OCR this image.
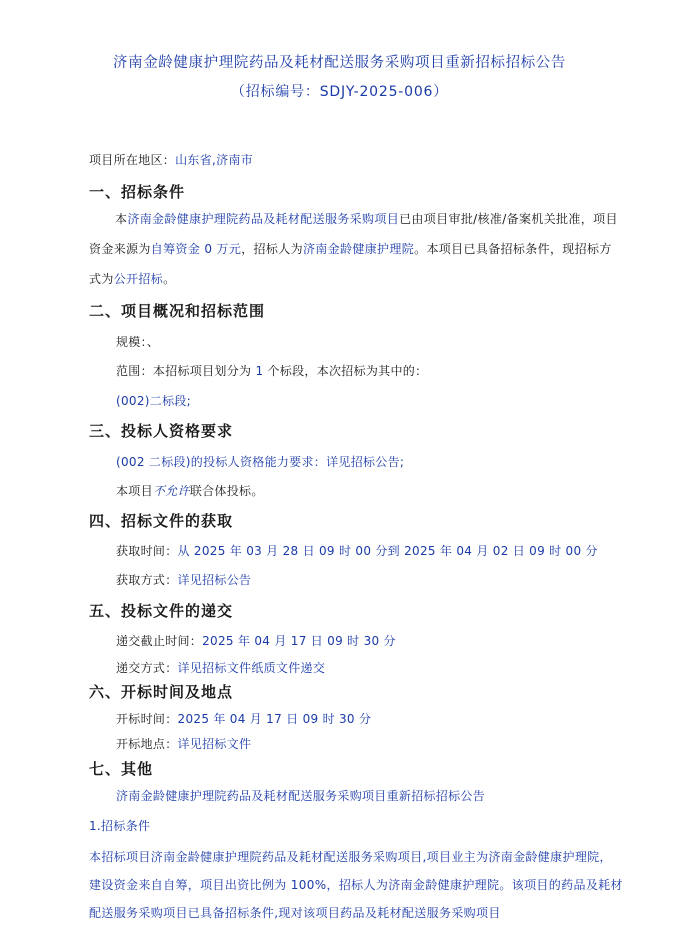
济南金龄健康护理院药品及耗材配送服务采购项目重新招标招标公告
（招标编号：SDJY-2025-006）
项目所在地区：山东省,济南市
一、招标条件
本济南金龄健康护理院药品及耗材配送服务采购项目已由项目审批/核准/备案机关批准，项目资金来源为自筹资金 0 万元，招标人为济南金龄健康护理院。本项目已具备招标条件，现招标方式为公开招标。
二、项目概况和招标范围
规模：、
范围：本招标项目划分为 1 个标段，本次招标为其中的：
(002)二标段;
三、投标人资格要求
(002 二标段)的投标人资格能力要求：详见招标公告;
本项目不允许联合体投标。
四、招标文件的获取
获取时间：从 2025 年 03 月 28 日 09 时 00 分到 2025 年 04 月 02 日 09 时 00 分
获取方式：详见招标公告
五、投标文件的递交
递交截止时间：2025 年 04 月 17 日 09 时 30 分
递交方式：详见招标文件纸质文件递交
六、开标时间及地点
开标时间：2025 年 04 月 17 日 09 时 30 分
开标地点：详见招标文件
七、其他
济南金龄健康护理院药品及耗材配送服务采购项目重新招标招标公告
1.招标条件
本招标项目济南金龄健康护理院药品及耗材配送服务采购项目,项目业主为济南金龄健康护理院，建设资金来自自筹，项目出资比例为 100%，招标人为济南金龄健康护理院。该项目的药品及耗材配送服务采购项目已具备招标条件,现对该项目药品及耗材配送服务采购项目
